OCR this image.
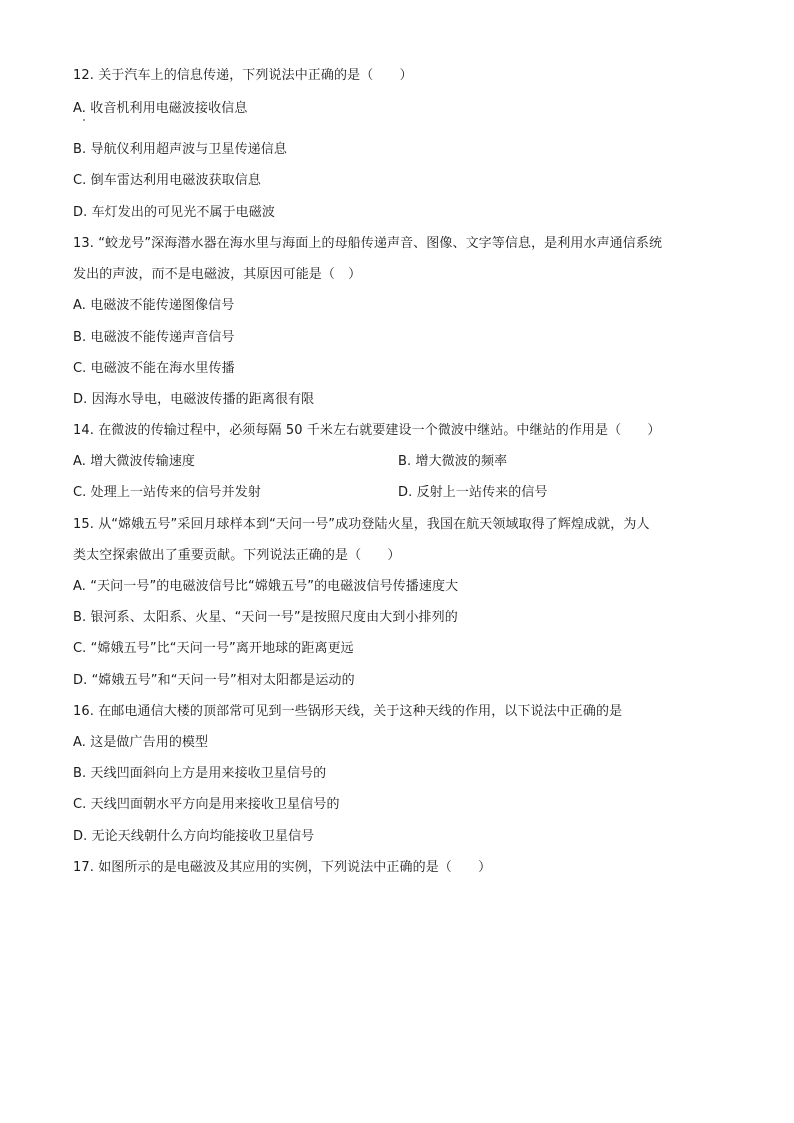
12. 关于汽车上的信息传递，下列说法中正确的是（　　）
A. 收音机利用电磁波接收信息
B. 导航仪利用超声波与卫星传递信息
C. 倒车雷达利用电磁波获取信息
D. 车灯发出的可见光不属于电磁波
13. “蛟龙号”深海潜水器在海水里与海面上的母船传递声音、图像、文字等信息，是利用水声通信系统
发出的声波，而不是电磁波，其原因可能是（　）
A. 电磁波不能传递图像信号
B. 电磁波不能传递声音信号
C. 电磁波不能在海水里传播
D. 因海水导电，电磁波传播的距离很有限
14. 在微波的传输过程中，必须每隔 50 千米左右就要建设一个微波中继站。中继站的作用是（　　）
A. 增大微波传输速度	B. 增大微波的频率
C. 处理上一站传来的信号并发射	D. 反射上一站传来的信号
15. 从“嫦娥五号”采回月球样本到“天问一号”成功登陆火星，我国在航天领域取得了辉煌成就，为人
类太空探索做出了重要贡献。下列说法正确的是（　　）
A. “天问一号”的电磁波信号比“嫦娥五号”的电磁波信号传播速度大
B. 银河系、太阳系、火星、“天问一号”是按照尺度由大到小排列的
C. “嫦娥五号”比“天问一号”离开地球的距离更远
D. “嫦娥五号”和“天问一号”相对太阳都是运动的
16. 在邮电通信大楼的顶部常可见到一些锅形天线，关于这种天线的作用，以下说法中正确的是
A. 这是做广告用的模型
B. 天线凹面斜向上方是用来接收卫星信号的
C. 天线凹面朝水平方向是用来接收卫星信号的
D. 无论天线朝什么方向均能接收卫星信号
17. 如图所示的是电磁波及其应用的实例，下列说法中正确的是（　　）
